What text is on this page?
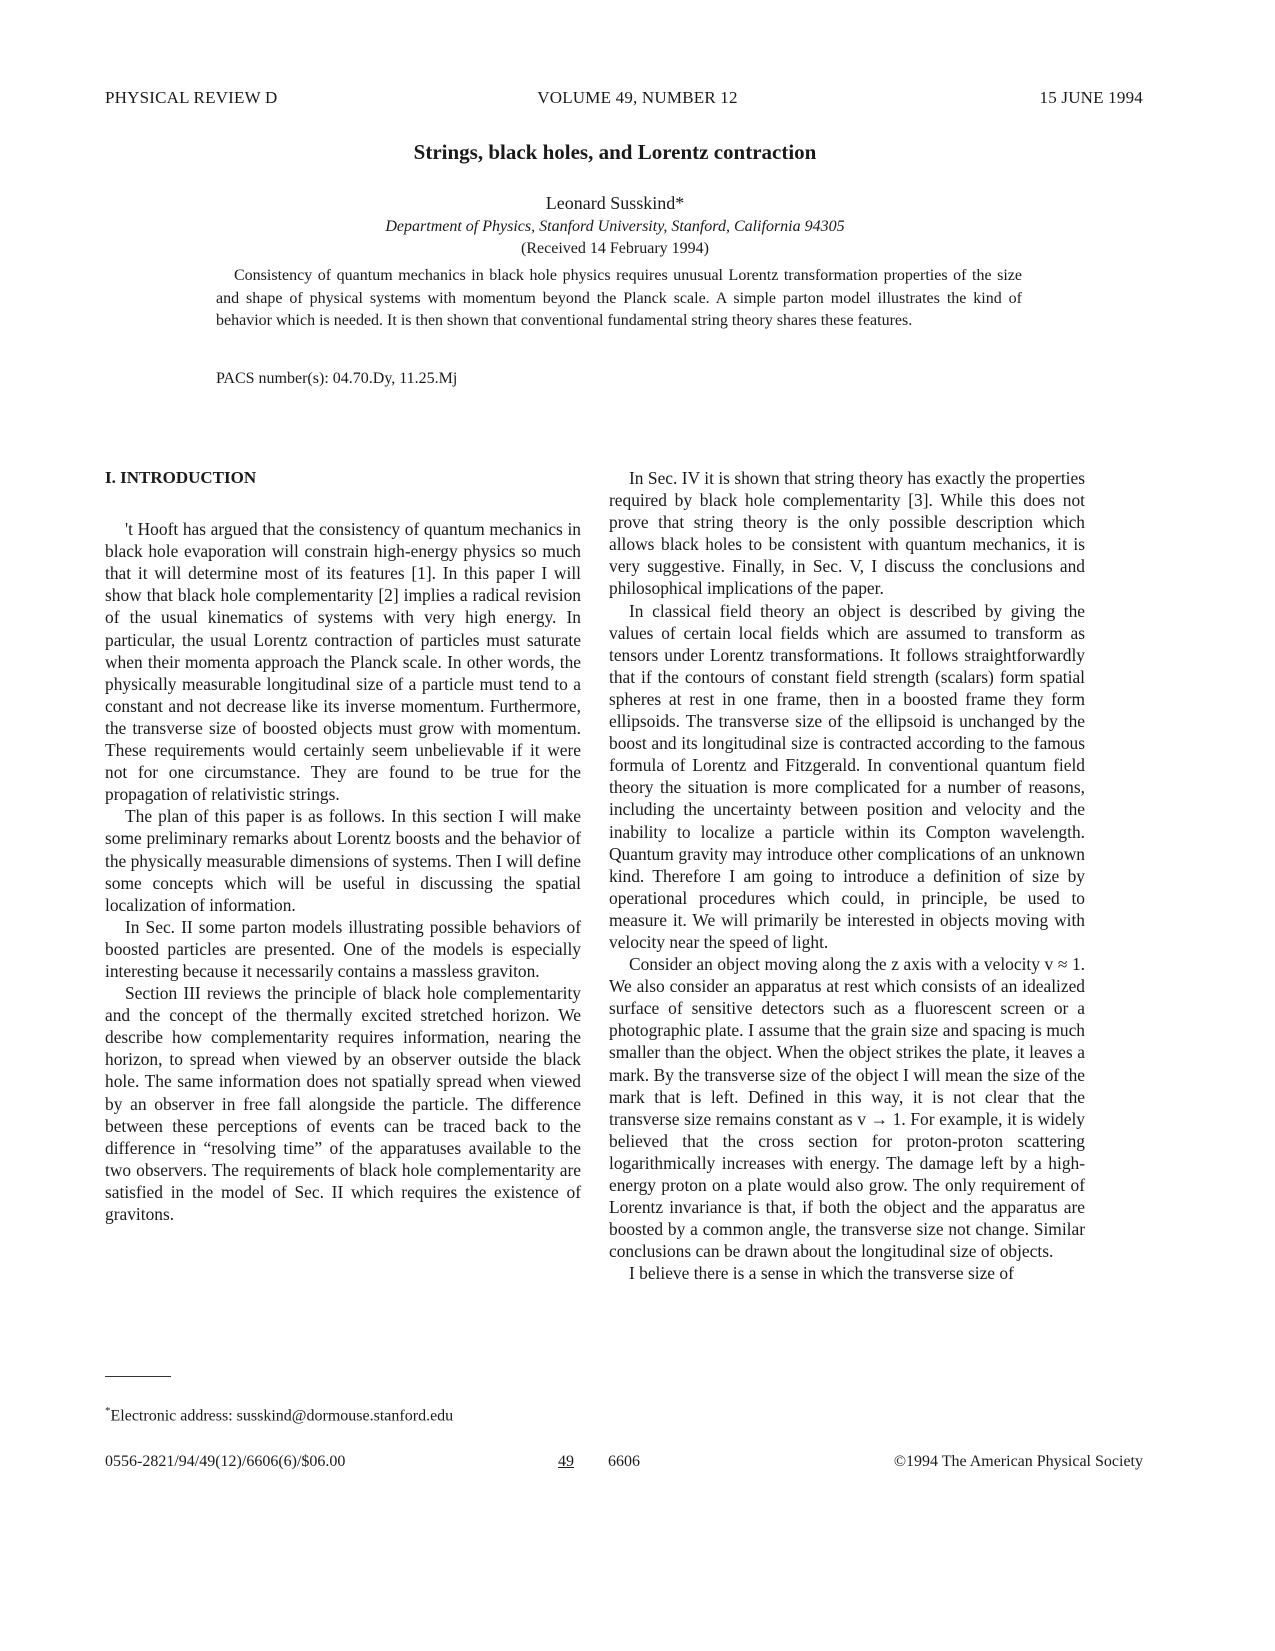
PHYSICAL REVIEW D	VOLUME 49, NUMBER 12	15 JUNE 1994
Strings, black holes, and Lorentz contraction
Leonard Susskind*
Department of Physics, Stanford University, Stanford, California 94305
(Received 14 February 1994)

Consistency of quantum mechanics in black hole physics requires unusual Lorentz transformation properties of the size and shape of physical systems with momentum beyond the Planck scale. A simple parton model illustrates the kind of behavior which is needed. It is then shown that conventional fundamental string theory shares these features.

PACS number(s): 04.70.Dy, 11.25.Mj

I. INTRODUCTION

't Hooft has argued that the consistency of quantum mechanics in black hole evaporation will constrain high-energy physics so much that it will determine most of its features [1]. In this paper I will show that black hole complementarity [2] implies a radical revision of the usual kinematics of systems with very high energy. In particular, the usual Lorentz contraction of particles must saturate when their momenta approach the Planck scale. In other words, the physically measurable longitudinal size of a particle must tend to a constant and not decrease like its inverse momentum. Furthermore, the transverse size of boosted objects must grow with momentum. These requirements would certainly seem unbelievable if it were not for one circumstance. They are found to be true for the propagation of relativistic strings.

The plan of this paper is as follows. In this section I will make some preliminary remarks about Lorentz boosts and the behavior of the physically measurable dimensions of systems. Then I will define some concepts which will be useful in discussing the spatial localization of information.

In Sec. II some parton models illustrating possible behaviors of boosted particles are presented. One of the models is especially interesting because it necessarily contains a massless graviton.

Section III reviews the principle of black hole complementarity and the concept of the thermally excited stretched horizon. We describe how complementarity requires information, nearing the horizon, to spread when viewed by an observer outside the black hole. The same information does not spatially spread when viewed by an observer in free fall alongside the particle. The difference between these perceptions of events can be traced back to the difference in “resolving time” of the apparatuses available to the two observers. The requirements of black hole complementarity are satisfied in the model of Sec. II which requires the existence of gravitons.

In Sec. IV it is shown that string theory has exactly the properties required by black hole complementarity [3]. While this does not prove that string theory is the only possible description which allows black holes to be consistent with quantum mechanics, it is very suggestive. Finally, in Sec. V, I discuss the conclusions and philosophical implications of the paper.

In classical field theory an object is described by giving the values of certain local fields which are assumed to transform as tensors under Lorentz transformations. It follows straightforwardly that if the contours of constant field strength (scalars) form spatial spheres at rest in one frame, then in a boosted frame they form ellipsoids. The transverse size of the ellipsoid is unchanged by the boost and its longitudinal size is contracted according to the famous formula of Lorentz and Fitzgerald. In conventional quantum field theory the situation is more complicated for a number of reasons, including the uncertainty between position and velocity and the inability to localize a particle within its Compton wavelength. Quantum gravity may introduce other complications of an unknown kind. Therefore I am going to introduce a definition of size by operational procedures which could, in principle, be used to measure it. We will primarily be interested in objects moving with velocity near the speed of light.

Consider an object moving along the z axis with a velocity v ≈ 1. We also consider an apparatus at rest which consists of an idealized surface of sensitive detectors such as a fluorescent screen or a photographic plate. I assume that the grain size and spacing is much smaller than the object. When the object strikes the plate, it leaves a mark. By the transverse size of the object I will mean the size of the mark that is left. Defined in this way, it is not clear that the transverse size remains constant as v → 1. For example, it is widely believed that the cross section for proton-proton scattering logarithmically increases with energy. The damage left by a high-energy proton on a plate would also grow. The only requirement of Lorentz invariance is that, if both the object and the apparatus are boosted by a common angle, the transverse size not change. Similar conclusions can be drawn about the longitudinal size of objects.

I believe there is a sense in which the transverse size of

*Electronic address: susskind@dormouse.stanford.edu
0556-2821/94/49(12)/6606(6)/$06.00	49 6606	©1994 The American Physical Society
